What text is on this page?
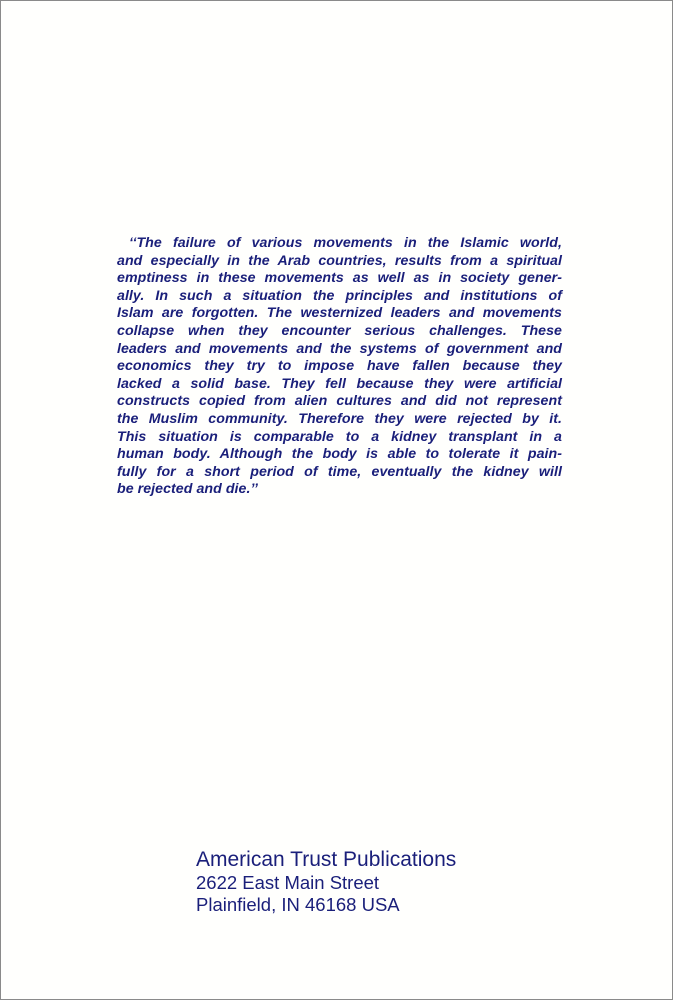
‘‘The failure of various movements in the Islamic world,
and especially in the Arab countries, results from a spiritual
emptiness in these movements as well as in society gener-
ally. In such a situation the principles and institutions of
Islam are forgotten. The westernized leaders and movements
collapse when they encounter serious challenges. These
leaders and movements and the systems of government and
economics they try to impose have fallen because they
lacked a solid base. They fell because they were artificial
constructs copied from alien cultures and did not represent
the Muslim community. Therefore they were rejected by it.
This situation is comparable to a kidney transplant in a
human body. Although the body is able to tolerate it pain-
fully for a short period of time, eventually the kidney will
be rejected and die.’’
American Trust Publications
2622 East Main Street
Plainfield, IN 46168 USA
